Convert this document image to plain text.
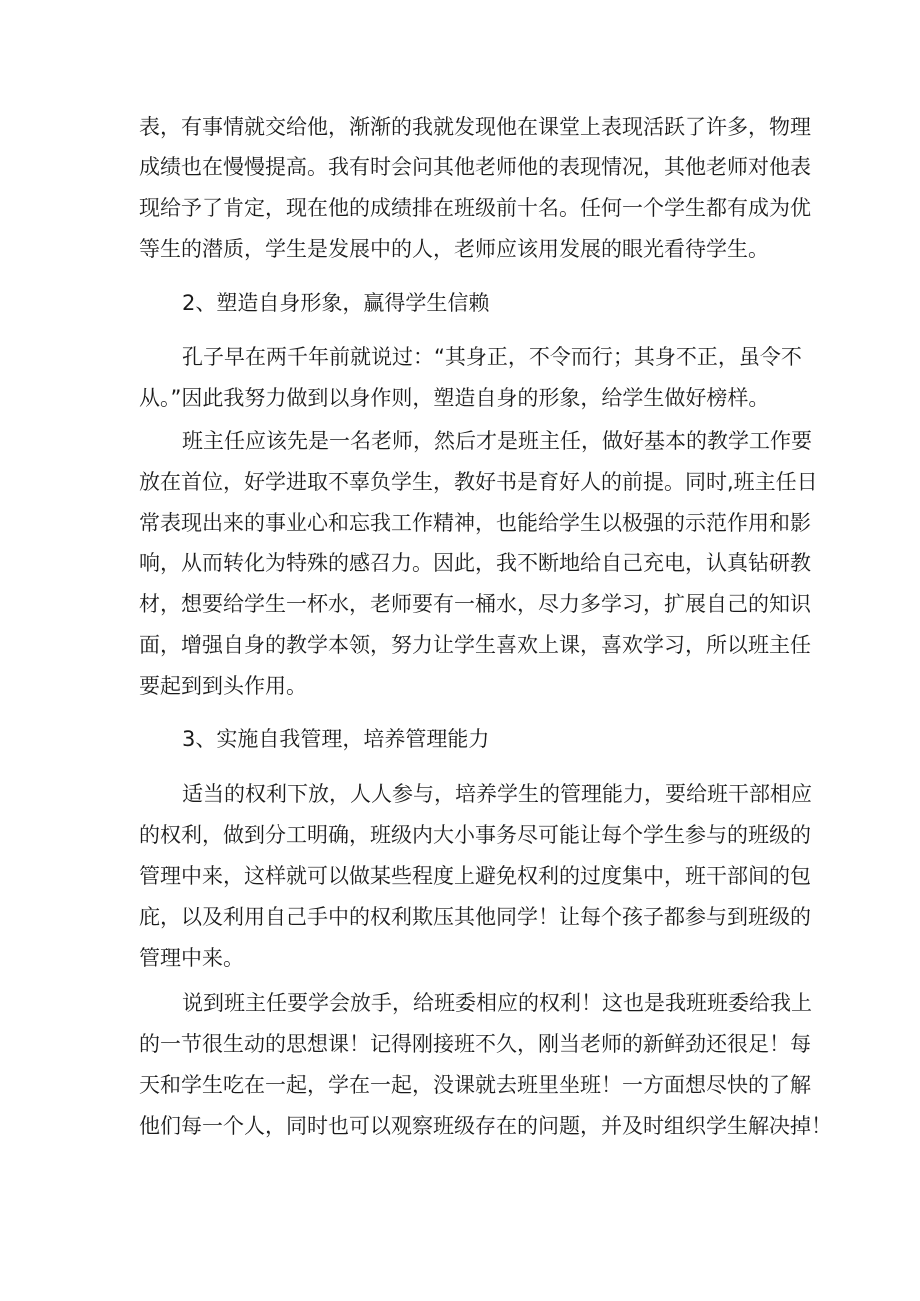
表，有事情就交给他，渐渐的我就发现他在课堂上表现活跃了许多，物理
成绩也在慢慢提高。我有时会问其他老师他的表现情况，其他老师对他表
现给予了肯定，现在他的成绩排在班级前十名。任何一个学生都有成为优
等生的潜质，学生是发展中的人，老师应该用发展的眼光看待学生。
2、塑造自身形象，赢得学生信赖
孔子早在两千年前就说过：“其身正，不令而行；其身不正，虽令不
从。”因此我努力做到以身作则，塑造自身的形象，给学生做好榜样。
班主任应该先是一名老师，然后才是班主任，做好基本的教学工作要
放在首位，好学进取不辜负学生，教好书是育好人的前提。同时,班主任日
常表现出来的事业心和忘我工作精神，也能给学生以极强的示范作用和影
响，从而转化为特殊的感召力。因此，我不断地给自己充电，认真钻研教
材，想要给学生一杯水，老师要有一桶水，尽力多学习，扩展自己的知识
面，增强自身的教学本领，努力让学生喜欢上课，喜欢学习，所以班主任
要起到到头作用。
3、实施自我管理，培养管理能力
适当的权利下放，人人参与，培养学生的管理能力，要给班干部相应
的权利，做到分工明确，班级内大小事务尽可能让每个学生参与的班级的
管理中来，这样就可以做某些程度上避免权利的过度集中，班干部间的包
庇，以及利用自己手中的权利欺压其他同学！让每个孩子都参与到班级的
管理中来。
说到班主任要学会放手，给班委相应的权利！这也是我班班委给我上
的一节很生动的思想课！记得刚接班不久，刚当老师的新鲜劲还很足！每
天和学生吃在一起，学在一起，没课就去班里坐班！一方面想尽快的了解
他们每一个人，同时也可以观察班级存在的问题，并及时组织学生解决掉！
